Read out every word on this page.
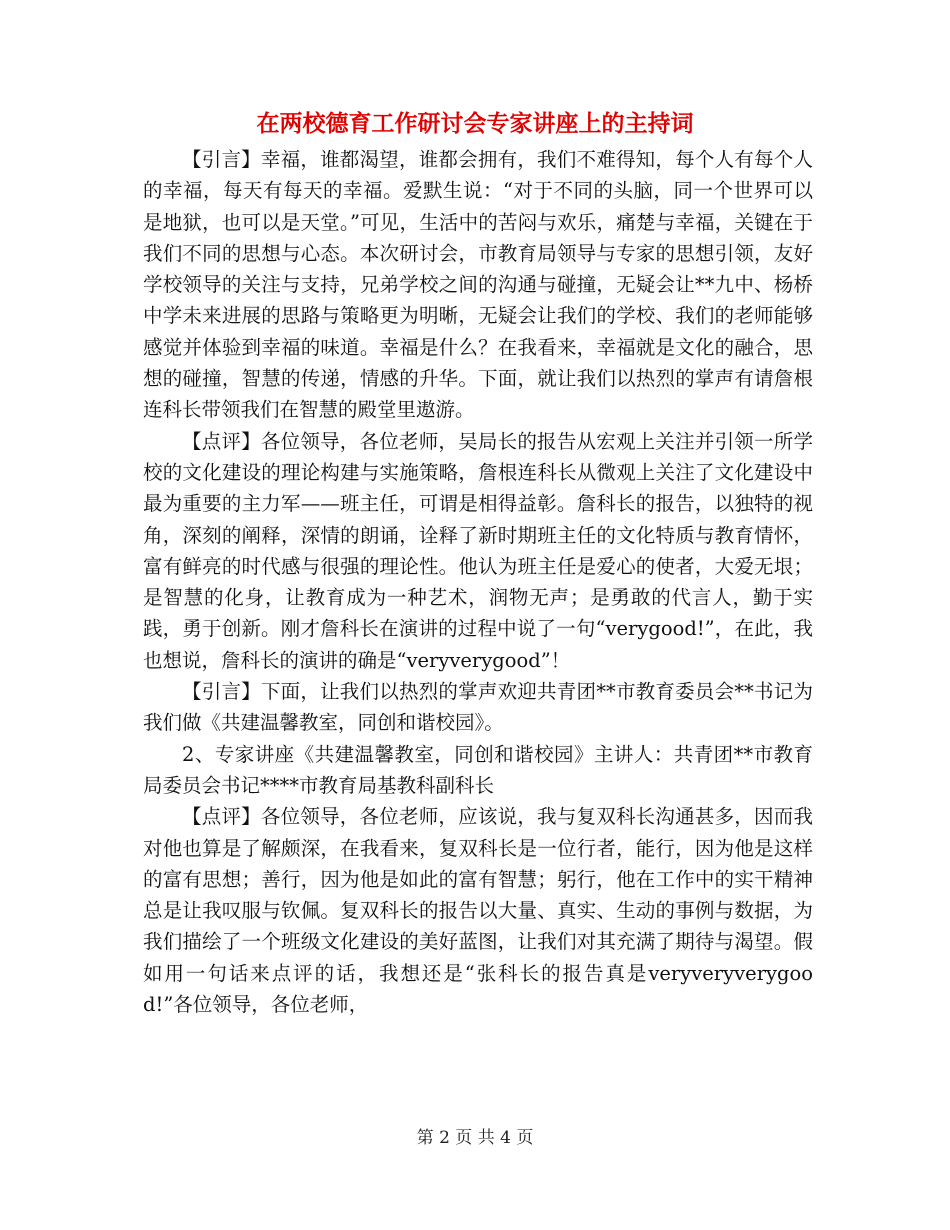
在两校德育工作研讨会专家讲座上的主持词

【引言】幸福，谁都渴望，谁都会拥有，我们不难得知，每个人有每个人的幸福，每天有每天的幸福。爱默生说：“对于不同的头脑，同一个世界可以是地狱，也可以是天堂。”可见，生活中的苦闷与欢乐，痛楚与幸福，关键在于我们不同的思想与心态。本次研讨会，市教育局领导与专家的思想引领，友好学校领导的关注与支持，兄弟学校之间的沟通与碰撞，无疑会让**九中、杨桥中学未来进展的思路与策略更为明晰，无疑会让我们的学校、我们的老师能够感觉并体验到幸福的味道。幸福是什么？在我看来，幸福就是文化的融合，思想的碰撞，智慧的传递，情感的升华。下面，就让我们以热烈的掌声有请詹根连科长带领我们在智慧的殿堂里遨游。

【点评】各位领导，各位老师，吴局长的报告从宏观上关注并引领一所学校的文化建设的理论构建与实施策略，詹根连科长从微观上关注了文化建设中最为重要的主力军——班主任，可谓是相得益彰。詹科长的报告，以独特的视角，深刻的阐释，深情的朗诵，诠释了新时期班主任的文化特质与教育情怀，富有鲜亮的时代感与很强的理论性。他认为班主任是爱心的使者，大爱无垠；是智慧的化身，让教育成为一种艺术，润物无声；是勇敢的代言人，勤于实践，勇于创新。刚才詹科长在演讲的过程中说了一句“verygood!”，在此，我也想说，詹科长的演讲的确是“veryverygood”！

【引言】下面，让我们以热烈的掌声欢迎共青团**市教育委员会**书记为我们做《共建温馨教室，同创和谐校园》。

2、专家讲座《共建温馨教室，同创和谐校园》主讲人：共青团**市教育局委员会书记****市教育局基教科副科长

【点评】各位领导，各位老师，应该说，我与复双科长沟通甚多，因而我对他也算是了解颇深，在我看来，复双科长是一位行者，能行，因为他是这样的富有思想；善行，因为他是如此的富有智慧；躬行，他在工作中的实干精神总是让我叹服与钦佩。复双科长的报告以大量、真实、生动的事例与数据，为我们描绘了一个班级文化建设的美好蓝图，让我们对其充满了期待与渴望。假如用一句话来点评的话，我想还是“张科长的报告真是veryveryverygood!”各位领导，各位老师，

第 2 页 共 4 页
